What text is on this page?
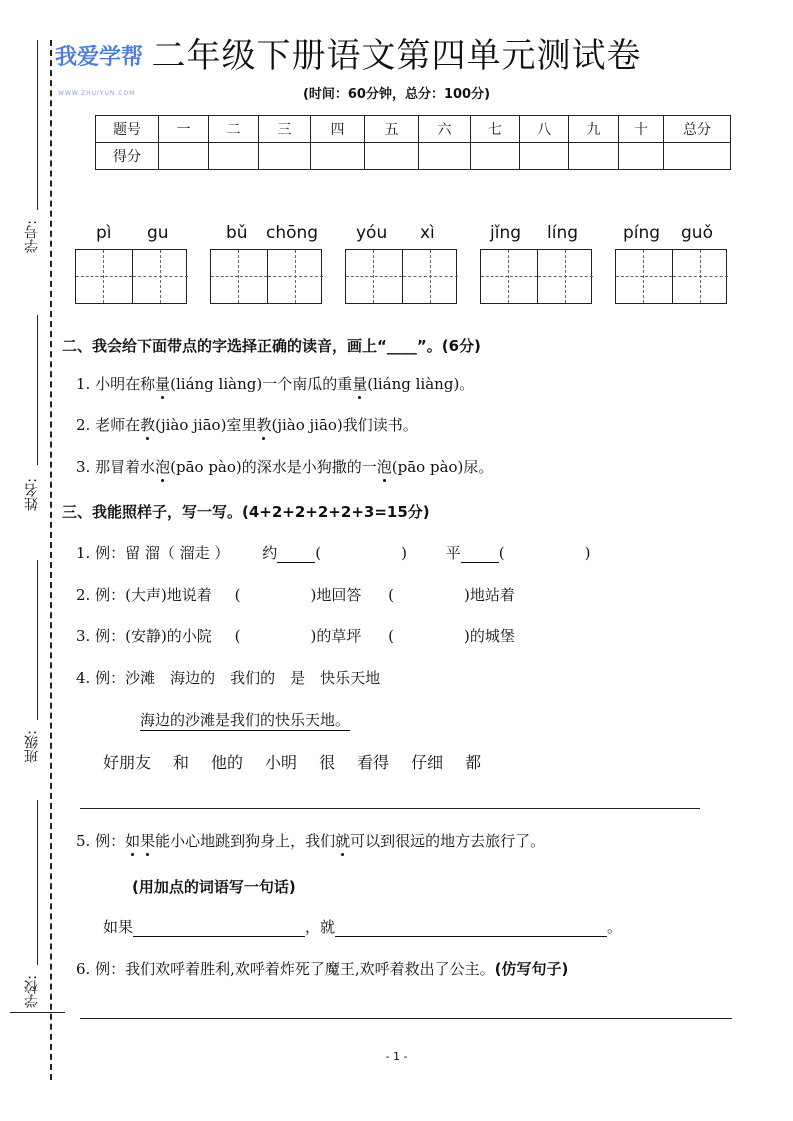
学号:
姓名:
班级:
学校:
二年级下册语文第四单元测试卷
我爱学帮
WWW.ZHUIYUN.COM	(时间：60分钟，总分：100分)
题号	一	二	三	四	五	六	七	八	九	十	总分
得分											
pì gu	bǔ chōng yóu xì	jǐng líng	píng guǒ
二、我会给下面带点的字选择正确的读音，画上“____”。(6分)
1. 小明在称量(liáng liàng)一个南瓜的重量(liáng liàng)。
2. 老师在教(jiào jiāo)室里教(jiào jiāo)我们读书。
3. 那冒着水泡(pāo pào)的深水是小狗撒的一泡(pāo pào)尿。
三、我能照样子，写一写。(4+2+2+2+2+3=15分)
1. 例：留 溜（ 溜走 ） 约	(	)	平	(	)
2. 例：(大声)地说着 (	)地回答 (	)地站着
3. 例：(安静)的小院 (	)的草坪 (	)的城堡
4. 例：沙滩　海边的　我们的　是　快乐天地
海边的沙滩是我们的快乐天地。
好朋友 和 他的 小明 很 看得 仔细 都
5. 例：如果能小心地跳到狗身上，我们就可以到很远的地方去旅行了。
(用加点的词语写一句话)
如果	，就	。
6. 例：我们欢呼着胜利,欢呼着炸死了魔王,欢呼着救出了公主。(仿写句子)
- 1 -
